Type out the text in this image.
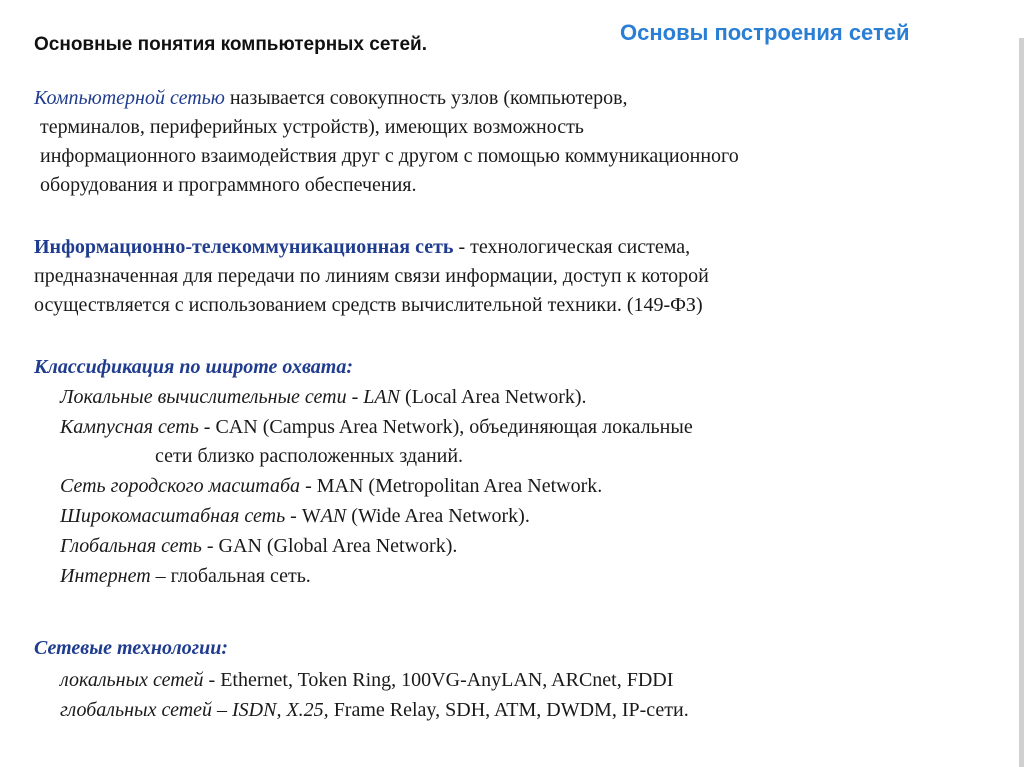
Основы построения сетей
Основные понятия компьютерных сетей.
Компьютерной сетью называется совокупность узлов (компьютеров,
терминалов, периферийных устройств), имеющих возможность
информационного взаимодействия друг с другом с помощью коммуникационного
оборудования и программного обеспечения.
Информационно-телекоммуникационная сеть - технологическая система,
предназначенная для передачи по линиям связи информации, доступ к которой
осуществляется с использованием средств вычислительной техники. (149-ФЗ)
Классификация по широте охвата:
Локальные вычислительные сети - LAN (Local Area Network).
Кампусная сеть - CAN (Campus Area Network), объединяющая локальные
сети близко расположенных зданий.
Сеть городского масштаба - MAN (Metropolitan Area Network.
Широкомасштабная сеть - WAN (Wide Area Network).
Глобальная сеть - GAN (Global Area Network).
Интернет – глобальная сеть.
Сетевые технологии:
локальных сетей - Ethernet, Token Ring, 100VG-AnyLAN, ARCnet, FDDI
глобальных сетей – ISDN, X.25, Frame Relay, SDH, ATM, DWDM, IP-сети.
